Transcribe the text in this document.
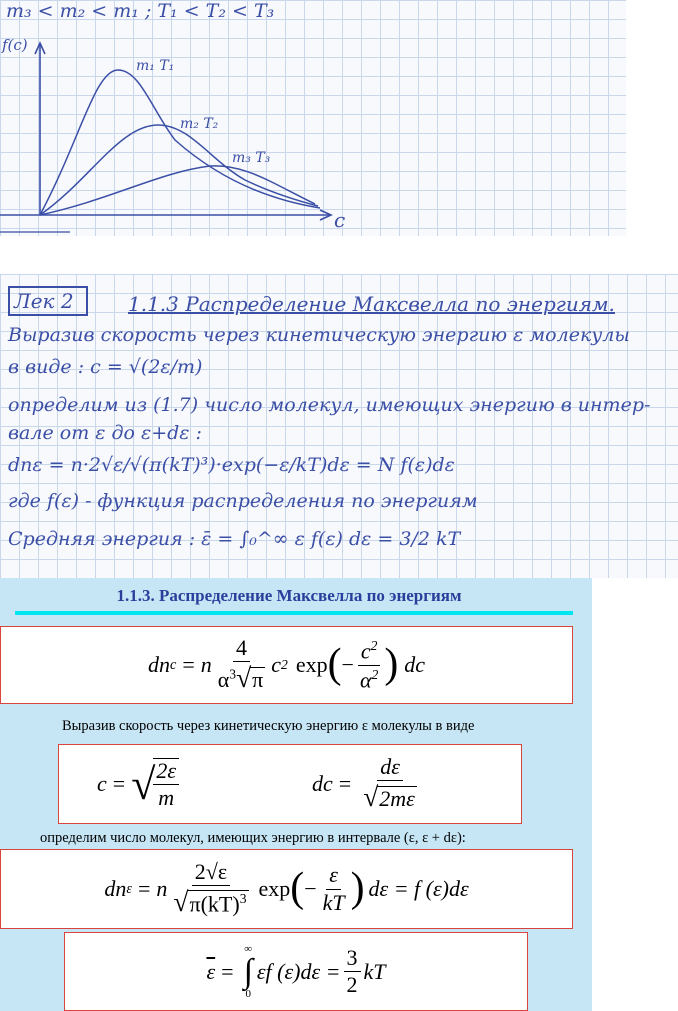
m₃ < m₂ < m₁ ; T₁ < T₂ < T₃
f(c)
c
m₁ T₁
m₂ T₂
m₃ T₃
Лек 2	1.1.3 Распределение Максвелла по энергиям.
Выразив скорость через кинетическую энергию ε молекулы
в виде : c = √(2ε/m)
определим из (1.7) число молекул, имеющих энергию в интер-
вале от ε до ε+dε :
dnε = n·2√ε/√(π(kT)³)·exp(−ε/kT)dε = N f(ε)dε
где f(ε) - функция распределения по энергиям
Средняя энергия : ε̄ = ∫₀^∞ ε f(ε) dε = 3/2 kT
1.1.3. Распределение Максвелла по энергиям
dn c = n $\frac{4}{\alpha^3√\pi}$ c 2 exp ( − $\frac{c^2}{\alpha^2}$ ) dc
Выразив скорость через кинетическую энергию ε молекулы в виде
c = √
$\frac{2\varepsilon}{m}$	dc = $\frac{d\varepsilon}{√2m\varepsilon}$
определим число молекул, имеющих энергию в интервале (ε, ε + dε):
dn ε = n $\frac{2√\varepsilon}{√\pi(kT)^3}$ exp ( − $\frac{\varepsilon}{kT}$ ) dε = f (ε)dε
$\overline{\varepsilon}$ =
∞
∫
0
εf $(\varepsilon)d\varepsilon = \frac{3}{2}$ kT
